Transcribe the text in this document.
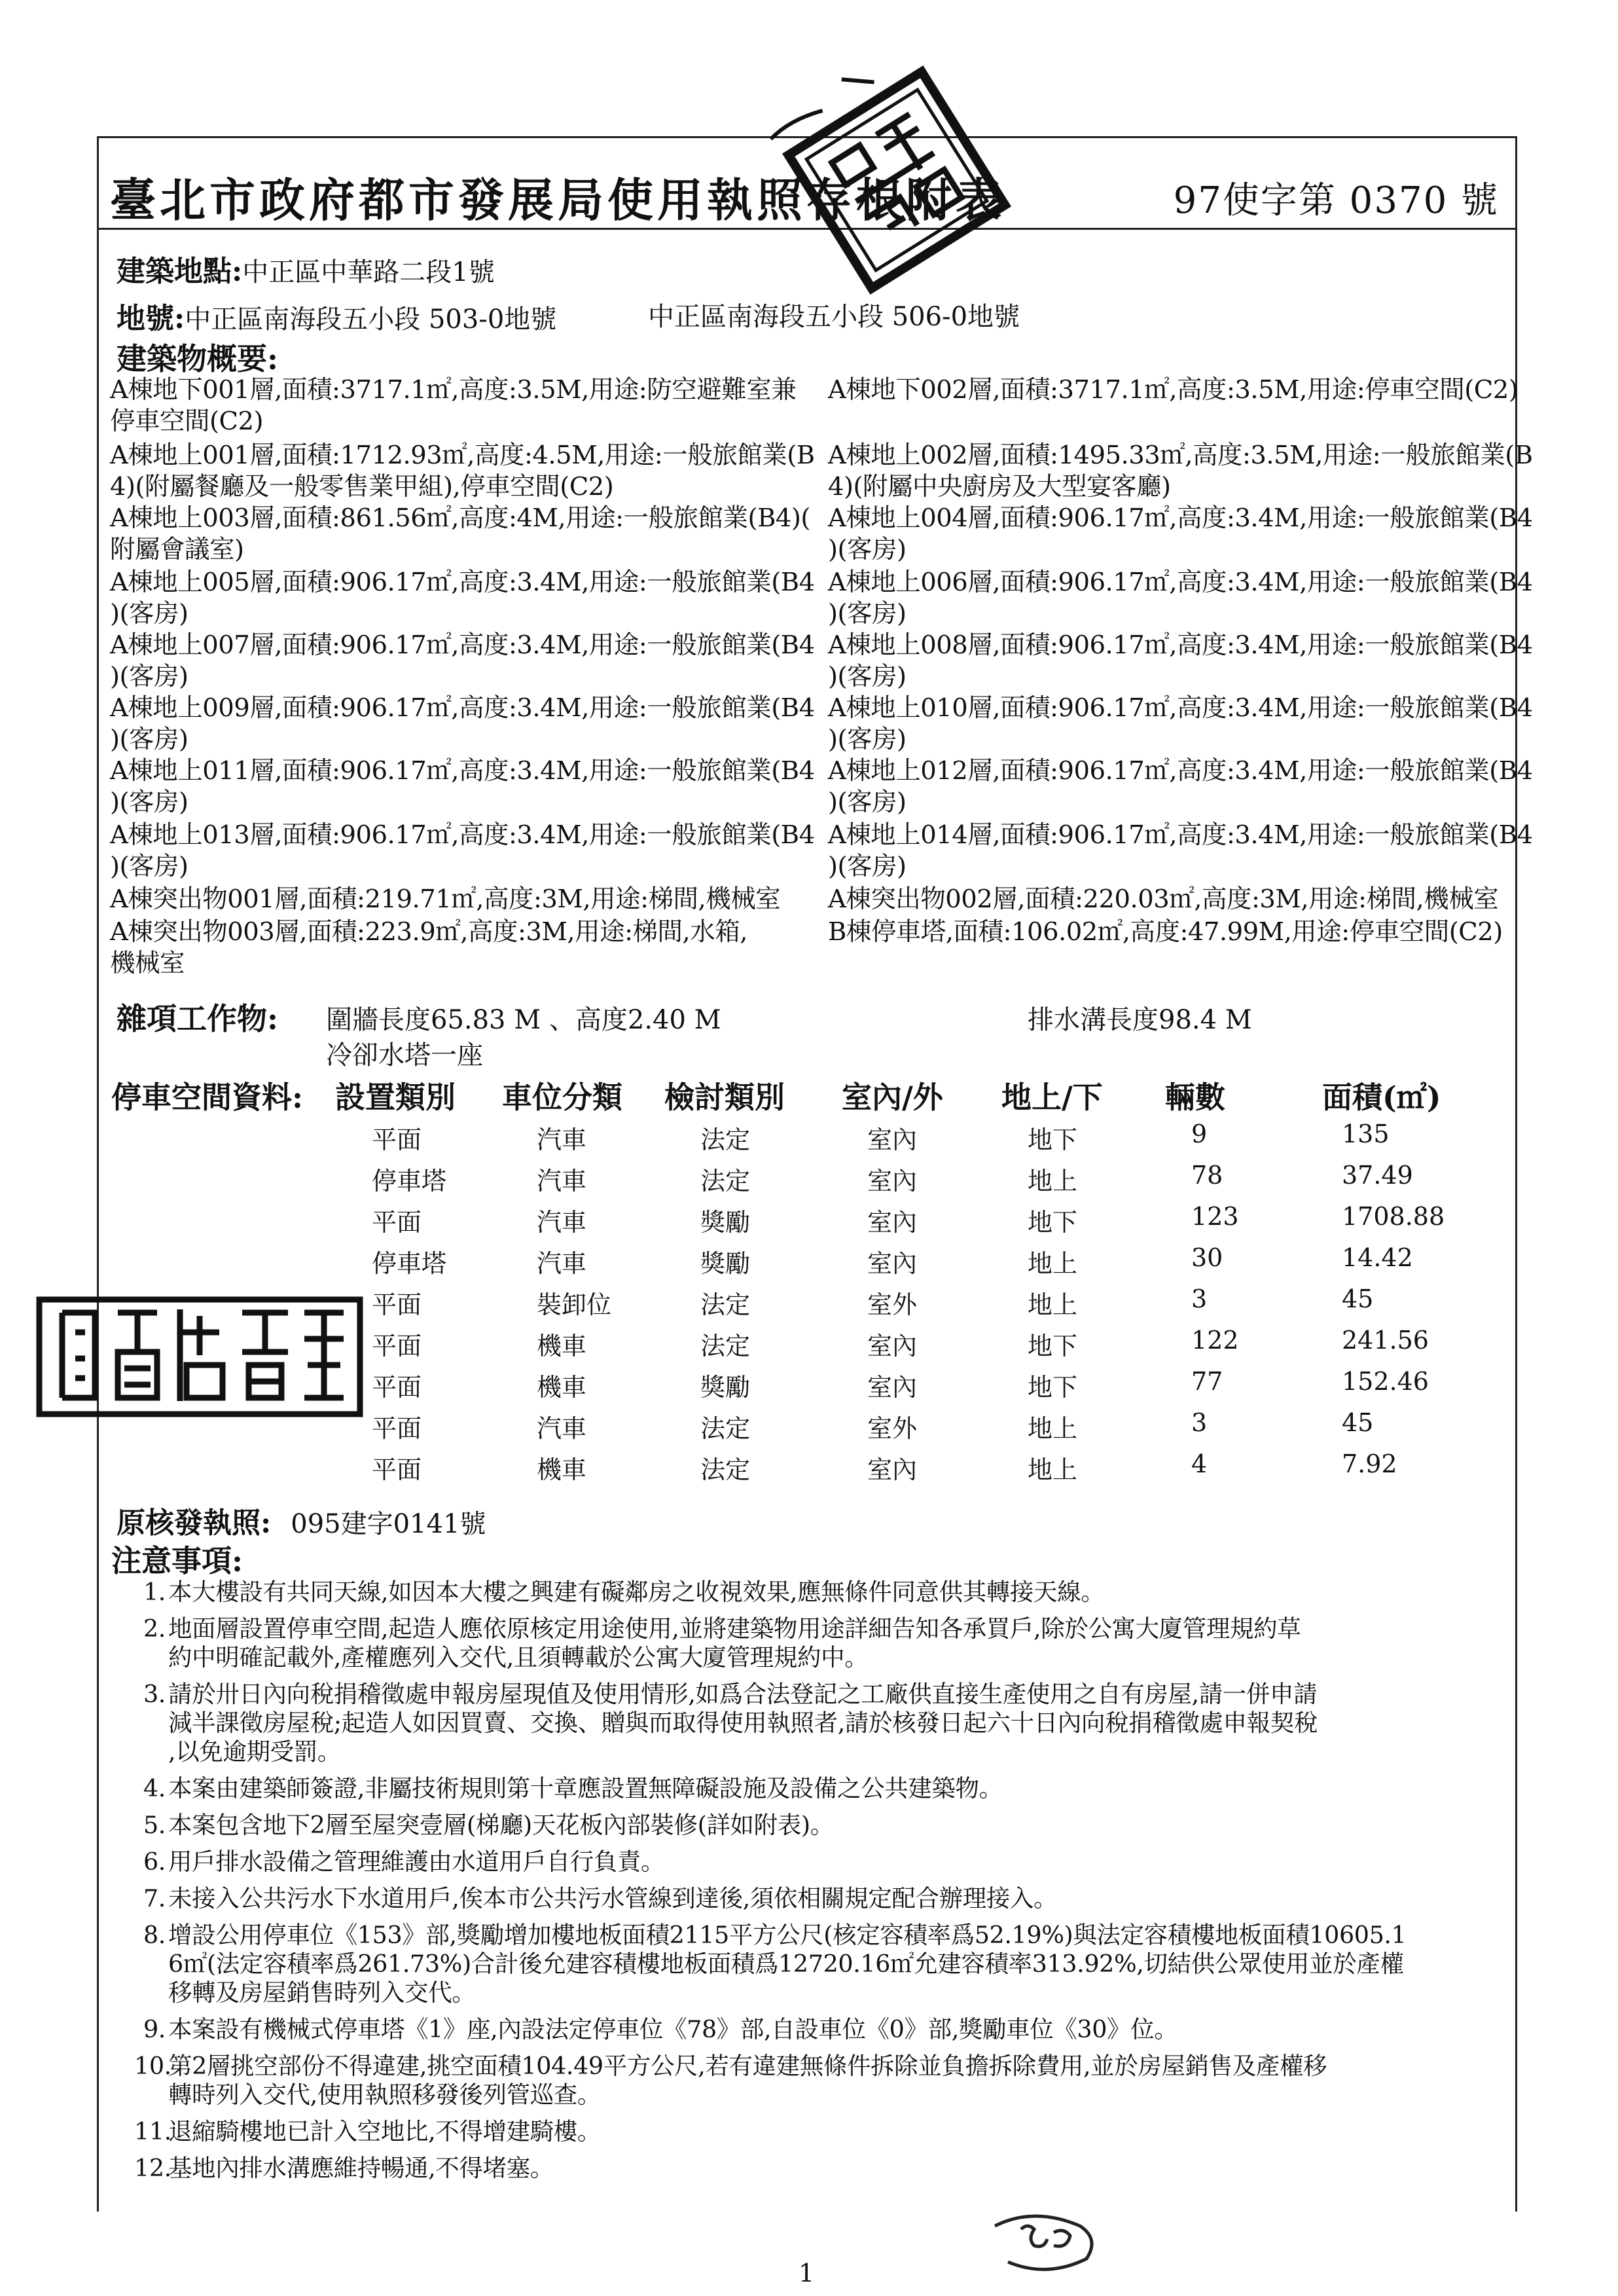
臺北市政府都市發展局使用執照存根附表	97使字第 0370 號
建築地點:中正區中華路二段1號
地號:中正區南海段五小段 503-0地號	中正區南海段五小段 506-0地號
建築物概要:
A棟地下001層,面積:3717.1㎡,高度:3.5M,用途:防空避難室兼
停車空間(C2)
A棟地下002層,面積:3717.1㎡,高度:3.5M,用途:停車空間(C2)
A棟地上001層,面積:1712.93㎡,高度:4.5M,用途:一般旅館業(B
4)(附屬餐廳及一般零售業甲組),停車空間(C2)
A棟地上002層,面積:1495.33㎡,高度:3.5M,用途:一般旅館業(B
4)(附屬中央廚房及大型宴客廳)
A棟地上003層,面積:861.56㎡,高度:4M,用途:一般旅館業(B4)(
附屬會議室)
A棟地上004層,面積:906.17㎡,高度:3.4M,用途:一般旅館業(B4
)(客房)
A棟地上005層,面積:906.17㎡,高度:3.4M,用途:一般旅館業(B4
)(客房)
A棟地上006層,面積:906.17㎡,高度:3.4M,用途:一般旅館業(B4
)(客房)
A棟地上007層,面積:906.17㎡,高度:3.4M,用途:一般旅館業(B4
)(客房)
A棟地上008層,面積:906.17㎡,高度:3.4M,用途:一般旅館業(B4
)(客房)
A棟地上009層,面積:906.17㎡,高度:3.4M,用途:一般旅館業(B4
)(客房)
A棟地上010層,面積:906.17㎡,高度:3.4M,用途:一般旅館業(B4
)(客房)
A棟地上011層,面積:906.17㎡,高度:3.4M,用途:一般旅館業(B4
)(客房)
A棟地上012層,面積:906.17㎡,高度:3.4M,用途:一般旅館業(B4
)(客房)
A棟地上013層,面積:906.17㎡,高度:3.4M,用途:一般旅館業(B4
)(客房)
A棟地上014層,面積:906.17㎡,高度:3.4M,用途:一般旅館業(B4
)(客房)
A棟突出物001層,面積:219.71㎡,高度:3M,用途:梯間,機械室	A棟突出物002層,面積:220.03㎡,高度:3M,用途:梯間,機械室
A棟突出物003層,面積:223.9㎡,高度:3M,用途:梯間,水箱,
機械室
B棟停車塔,面積:106.02㎡,高度:47.99M,用途:停車空間(C2)
雜項工作物: 圍牆長度65.83 M 、高度2.40 M	排水溝長度98.4 M
冷卻水塔一座
停車空間資料: 設置類別 車位分類 檢討類別 室內/外 地上/下 輛數	面積(㎡)
平面	汽車	法定	室內	地下	9	135
停車塔	汽車	法定	室內	地上	78	37.49
平面	汽車	獎勵	室內	地下	123	1708.88
停車塔	汽車	獎勵	室內	地上	30	14.42
平面	裝卸位	法定	室外	地上	3	45
平面	機車	法定	室內	地下	122	241.56
平面	機車	獎勵	室內	地下	77	152.46
平面	汽車	法定	室外	地上	3	45
平面	機車	法定	室內	地上	4	7.92
原核發執照: 095建字0141號
注意事項:
1. 本大樓設有共同天線,如因本大樓之興建有礙鄰房之收視效果,應無條件同意供其轉接天線。
2. 地面層設置停車空間,起造人應依原核定用途使用,並將建築物用途詳細告知各承買戶,除於公寓大廈管理規約草
約中明確記載外,產權應列入交代,且須轉載於公寓大廈管理規約中。
3. 請於卅日內向稅捐稽徵處申報房屋現值及使用情形,如爲合法登記之工廠供直接生產使用之自有房屋,請一併申請
減半課徵房屋稅;起造人如因買賣、交換、贈與而取得使用執照者,請於核發日起六十日內向稅捐稽徵處申報契稅
,以免逾期受罰。
4. 本案由建築師簽證,非屬技術規則第十章應設置無障礙設施及設備之公共建築物。
5. 本案包含地下2層至屋突壹層(梯廳)天花板內部裝修(詳如附表)。
6. 用戶排水設備之管理維護由水道用戶自行負責。
7. 未接入公共污水下水道用戶,俟本市公共污水管線到達後,須依相關規定配合辦理接入。
8. 增設公用停車位《153》部,獎勵增加樓地板面積2115平方公尺(核定容積率爲52.19%)與法定容積樓地板面積10605.1
6㎡(法定容積率爲261.73%)合計後允建容積樓地板面積爲12720.16㎡允建容積率313.92%,切結供公眾使用並於產權
移轉及房屋銷售時列入交代。
9. 本案設有機械式停車塔《1》座,內設法定停車位《78》部,自設車位《0》部,獎勵車位《30》位。
10.第2層挑空部份不得違建,挑空面積104.49平方公尺,若有違建無條件拆除並負擔拆除費用,並於房屋銷售及產權移
轉時列入交代,使用執照移發後列管巡查。
11.退縮騎樓地已計入空地比,不得增建騎樓。
12.基地內排水溝應維持暢通,不得堵塞。
1
